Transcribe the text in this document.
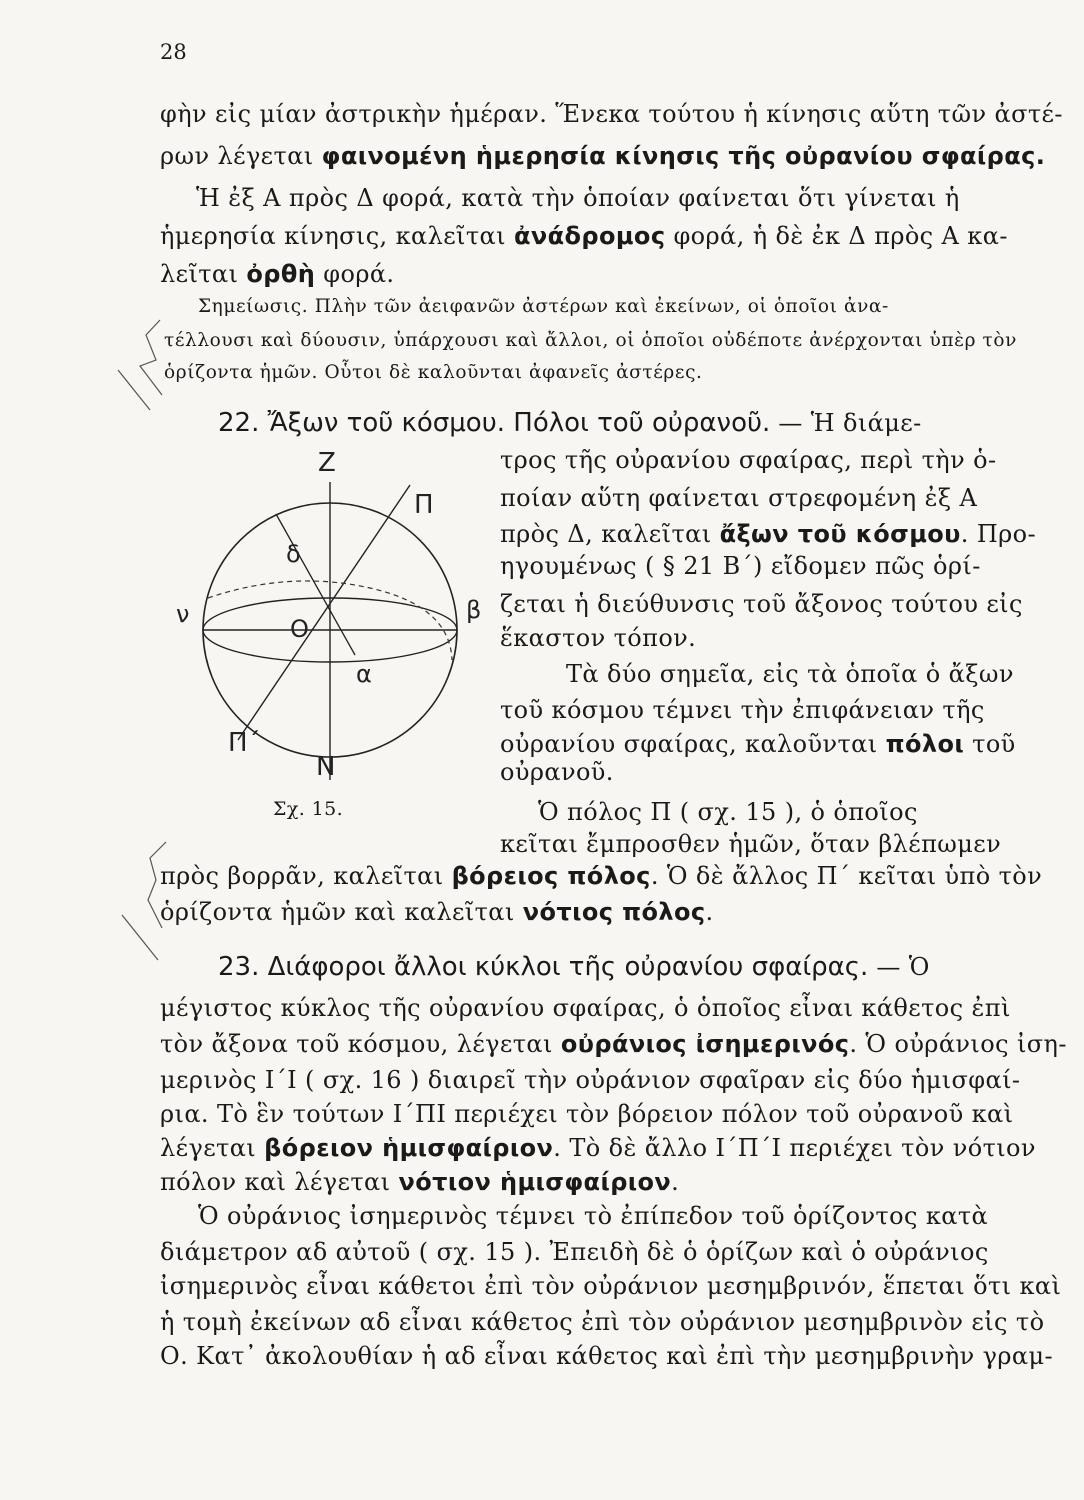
28
φὴν εἰς μίαν ἀστρικὴν ἡμέραν. Ἕνεκα τούτου ἡ κίνησις αὕτη τῶν ἀστέ-
ρων λέγεται φαινομένη ἡμερησία κίνησις τῆς οὐρανίου σφαίρας.
Ἡ ἐξ Α πρὸς Δ φορά, κατὰ τὴν ὁποίαν φαίνεται ὅτι γίνεται ἡ
ἡμερησία κίνησις, καλεῖται ἀνάδρομος φορά, ἡ δὲ ἐκ Δ πρὸς Α κα-
λεῖται ὀρθὴ φορά.
Σημείωσις. Πλὴν τῶν ἀειφανῶν ἀστέρων καὶ ἐκείνων, οἱ ὁποῖοι ἀνα-
τέλλουσι καὶ δύουσιν, ὑπάρχουσι καὶ ἄλλοι, οἱ ὁποῖοι οὐδέποτε ἀνέρχονται ὑπὲρ τὸν
ὁρίζοντα ἡμῶν. Οὗτοι δὲ καλοῦνται ἀφανεῖς ἀστέρες.
22. Ἄξων τοῦ κόσμου. Πόλοι τοῦ οὐρανοῦ. — Ἡ διάμε-
Z
Π
δ
ν	β
O
α
Π΄
N
Σχ. 15.
τρος τῆς οὐρανίου σφαίρας, περὶ τὴν ὁ-
ποίαν αὕτη φαίνεται στρεφομένη ἐξ Α
πρὸς Δ, καλεῖται ἄξων τοῦ κόσμου. Προ-
ηγουμένως ( § 21 Β΄) εἴδομεν πῶς ὁρί-
ζεται ἡ διεύθυνσις τοῦ ἄξονος τούτου εἰς
ἕκαστον τόπον.
Τὰ δύο σημεῖα, εἰς τὰ ὁποῖα ὁ ἄξων
τοῦ κόσμου τέμνει τὴν ἐπιφάνειαν τῆς
οὐρανίου σφαίρας, καλοῦνται πόλοι τοῦ
οὐρανοῦ.
Ὁ πόλος Π ( σχ. 15 ), ὁ ὁποῖος
κεῖται ἔμπροσθεν ἡμῶν, ὅταν βλέπωμεν
πρὸς βορρᾶν, καλεῖται βόρειος πόλος. Ὁ δὲ ἄλλος Π΄ κεῖται ὑπὸ τὸν
ὁρίζοντα ἡμῶν καὶ καλεῖται νότιος πόλος.
23. Διάφοροι ἄλλοι κύκλοι τῆς οὐρανίου σφαίρας. — Ὁ
μέγιστος κύκλος τῆς οὐρανίου σφαίρας, ὁ ὁποῖος εἶναι κάθετος ἐπὶ
τὸν ἄξονα τοῦ κόσμου, λέγεται οὐράνιος ἰσημερινός. Ὁ οὐράνιος ἰση-
μερινὸς Ι΄Ι ( σχ. 16 ) διαιρεῖ τὴν οὐράνιον σφαῖραν εἰς δύο ἡμισφαί-
ρια. Τὸ ἓν τούτων Ι΄ΠΙ περιέχει τὸν βόρειον πόλον τοῦ οὐρανοῦ καὶ
λέγεται βόρειον ἡμισφαίριον. Τὸ δὲ ἄλλο Ι΄Π΄Ι περιέχει τὸν νότιον
πόλον καὶ λέγεται νότιον ἡμισφαίριον.
Ὁ οὐράνιος ἰσημερινὸς τέμνει τὸ ἐπίπεδον τοῦ ὁρίζοντος κατὰ
διάμετρον αδ αὐτοῦ ( σχ. 15 ). Ἐπειδὴ δὲ ὁ ὁρίζων καὶ ὁ οὐράνιος
ἰσημερινὸς εἶναι κάθετοι ἐπὶ τὸν οὐράνιον μεσημβρινόν, ἕπεται ὅτι καὶ
ἡ τομὴ ἐκείνων αδ εἶναι κάθετος ἐπὶ τὸν οὐράνιον μεσημβρινὸν εἰς τὸ
Ο. Κατ᾽ ἀκολουθίαν ἡ αδ εἶναι κάθετος καὶ ἐπὶ τὴν μεσημβρινὴν γραμ-
